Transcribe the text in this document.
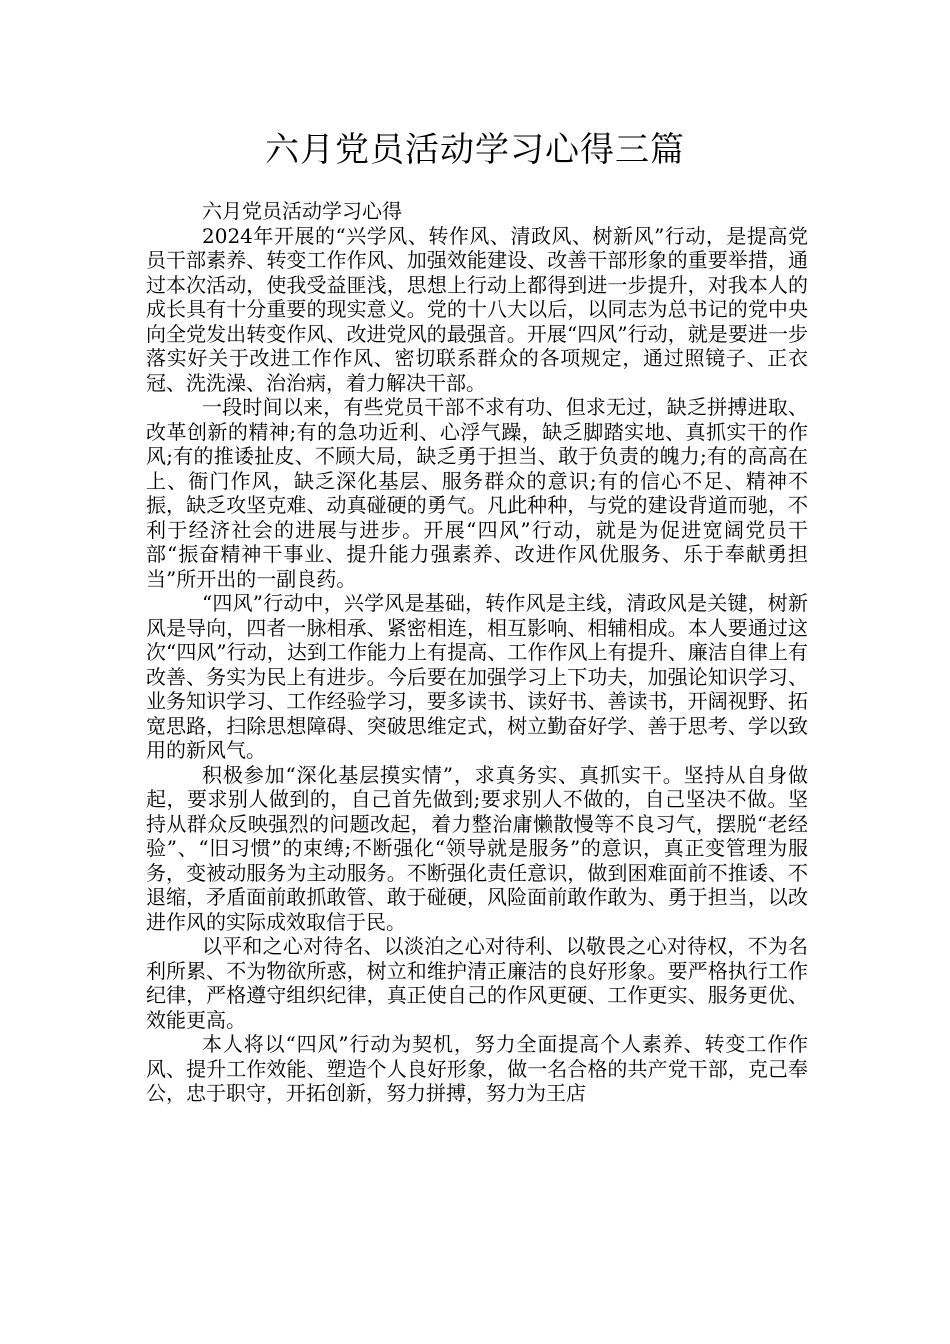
六月党员活动学习心得三篇

六月党员活动学习心得

2024年开展的“兴学风、转作风、清政风、树新风”行动，是提高党员干部素养、转变工作作风、加强效能建设、改善干部形象的重要举措，通过本次活动，使我受益匪浅，思想上行动上都得到进一步提升，对我本人的成长具有十分重要的现实意义。党的十八大以后，以同志为总书记的党中央向全党发出转变作风、改进党风的最强音。开展“四风”行动，就是要进一步落实好关于改进工作作风、密切联系群众的各项规定，通过照镜子、正衣冠、洗洗澡、治治病，着力解决干部。

一段时间以来，有些党员干部不求有功、但求无过，缺乏拼搏进取、改革创新的精神;有的急功近利、心浮气躁，缺乏脚踏实地、真抓实干的作风;有的推诿扯皮、不顾大局，缺乏勇于担当、敢于负责的魄力;有的高高在上、衙门作风，缺乏深化基层、服务群众的意识;有的信心不足、精神不振，缺乏攻坚克难、动真碰硬的勇气。凡此种种，与党的建设背道而驰，不利于经济社会的进展与进步。开展“四风”行动，就是为促进宽阔党员干部“振奋精神干事业、提升能力强素养、改进作风优服务、乐于奉献勇担当”所开出的一副良药。

“四风”行动中，兴学风是基础，转作风是主线，清政风是关键，树新风是导向，四者一脉相承、紧密相连，相互影响、相辅相成。本人要通过这次“四风”行动，达到工作能力上有提高、工作作风上有提升、廉洁自律上有改善、务实为民上有进步。今后要在加强学习上下功夫，加强论知识学习、业务知识学习、工作经验学习，要多读书、读好书、善读书，开阔视野、拓宽思路，扫除思想障碍、突破思维定式，树立勤奋好学、善于思考、学以致用的新风气。

积极参加“深化基层摸实情”，求真务实、真抓实干。坚持从自身做起，要求别人做到的，自己首先做到;要求别人不做的，自己坚决不做。坚持从群众反映强烈的问题改起，着力整治庸懒散慢等不良习气，摆脱“老经验”、“旧习惯”的束缚;不断强化“领导就是服务”的意识，真正变管理为服务，变被动服务为主动服务。不断强化责任意识，做到困难面前不推诿、不退缩，矛盾面前敢抓敢管、敢于碰硬，风险面前敢作敢为、勇于担当，以改进作风的实际成效取信于民。

以平和之心对待名、以淡泊之心对待利、以敬畏之心对待权，不为名利所累、不为物欲所惑，树立和维护清正廉洁的良好形象。要严格执行工作纪律，严格遵守组织纪律，真正使自己的作风更硬、工作更实、服务更优、效能更高。

本人将以“四风”行动为契机，努力全面提高个人素养、转变工作作风、提升工作效能、塑造个人良好形象，做一名合格的共产党干部，克己奉公，忠于职守，开拓创新，努力拼搏，努力为王店
